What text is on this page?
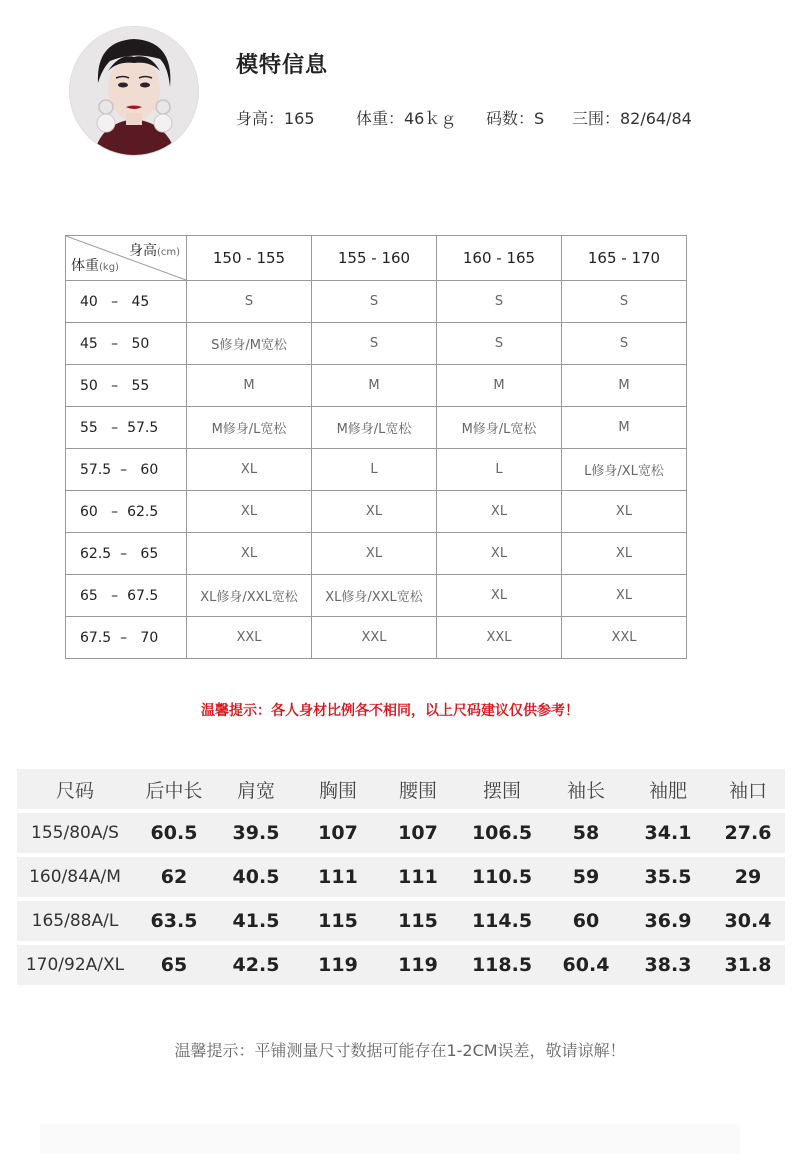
模特信息
身高：165	体重：46ｋｇ 码数：S 三围：82/64/84
身高(cm)
体重(kg)	150 - 155	155 - 160	160 - 165	165 - 170
40   –   45	S	S	S	S
45   –   50	S修身/M宽松	S	S	S
50   –   55	M	M	M	M
55   –  57.5	M修身/L宽松	M修身/L宽松	M修身/L宽松	M
57.5  –   60	XL	L	L	L修身/XL宽松
60   –  62.5	XL	XL	XL	XL
62.5  –   65	XL	XL	XL	XL
65   –  67.5	XL修身/XXL宽松	XL修身/XXL宽松	XL	XL
67.5  –   70	XXL	XXL	XXL	XXL
温馨提示：各人身材比例各不相同，以上尺码建议仅供参考！
尺码	后中长	肩宽	胸围	腰围	摆围	袖长	袖肥	袖口
155/80A/S	60.5	39.5	107	107	106.5	58	34.1	27.6
160/84A/M	62	40.5	111	111	110.5	59	35.5	29
165/88A/L	63.5	41.5	115	115	114.5	60	36.9	30.4
170/92A/XL	65	42.5	119	119	118.5	60.4	38.3	31.8
温馨提示：平铺测量尺寸数据可能存在1-2CM误差，敬请谅解！
